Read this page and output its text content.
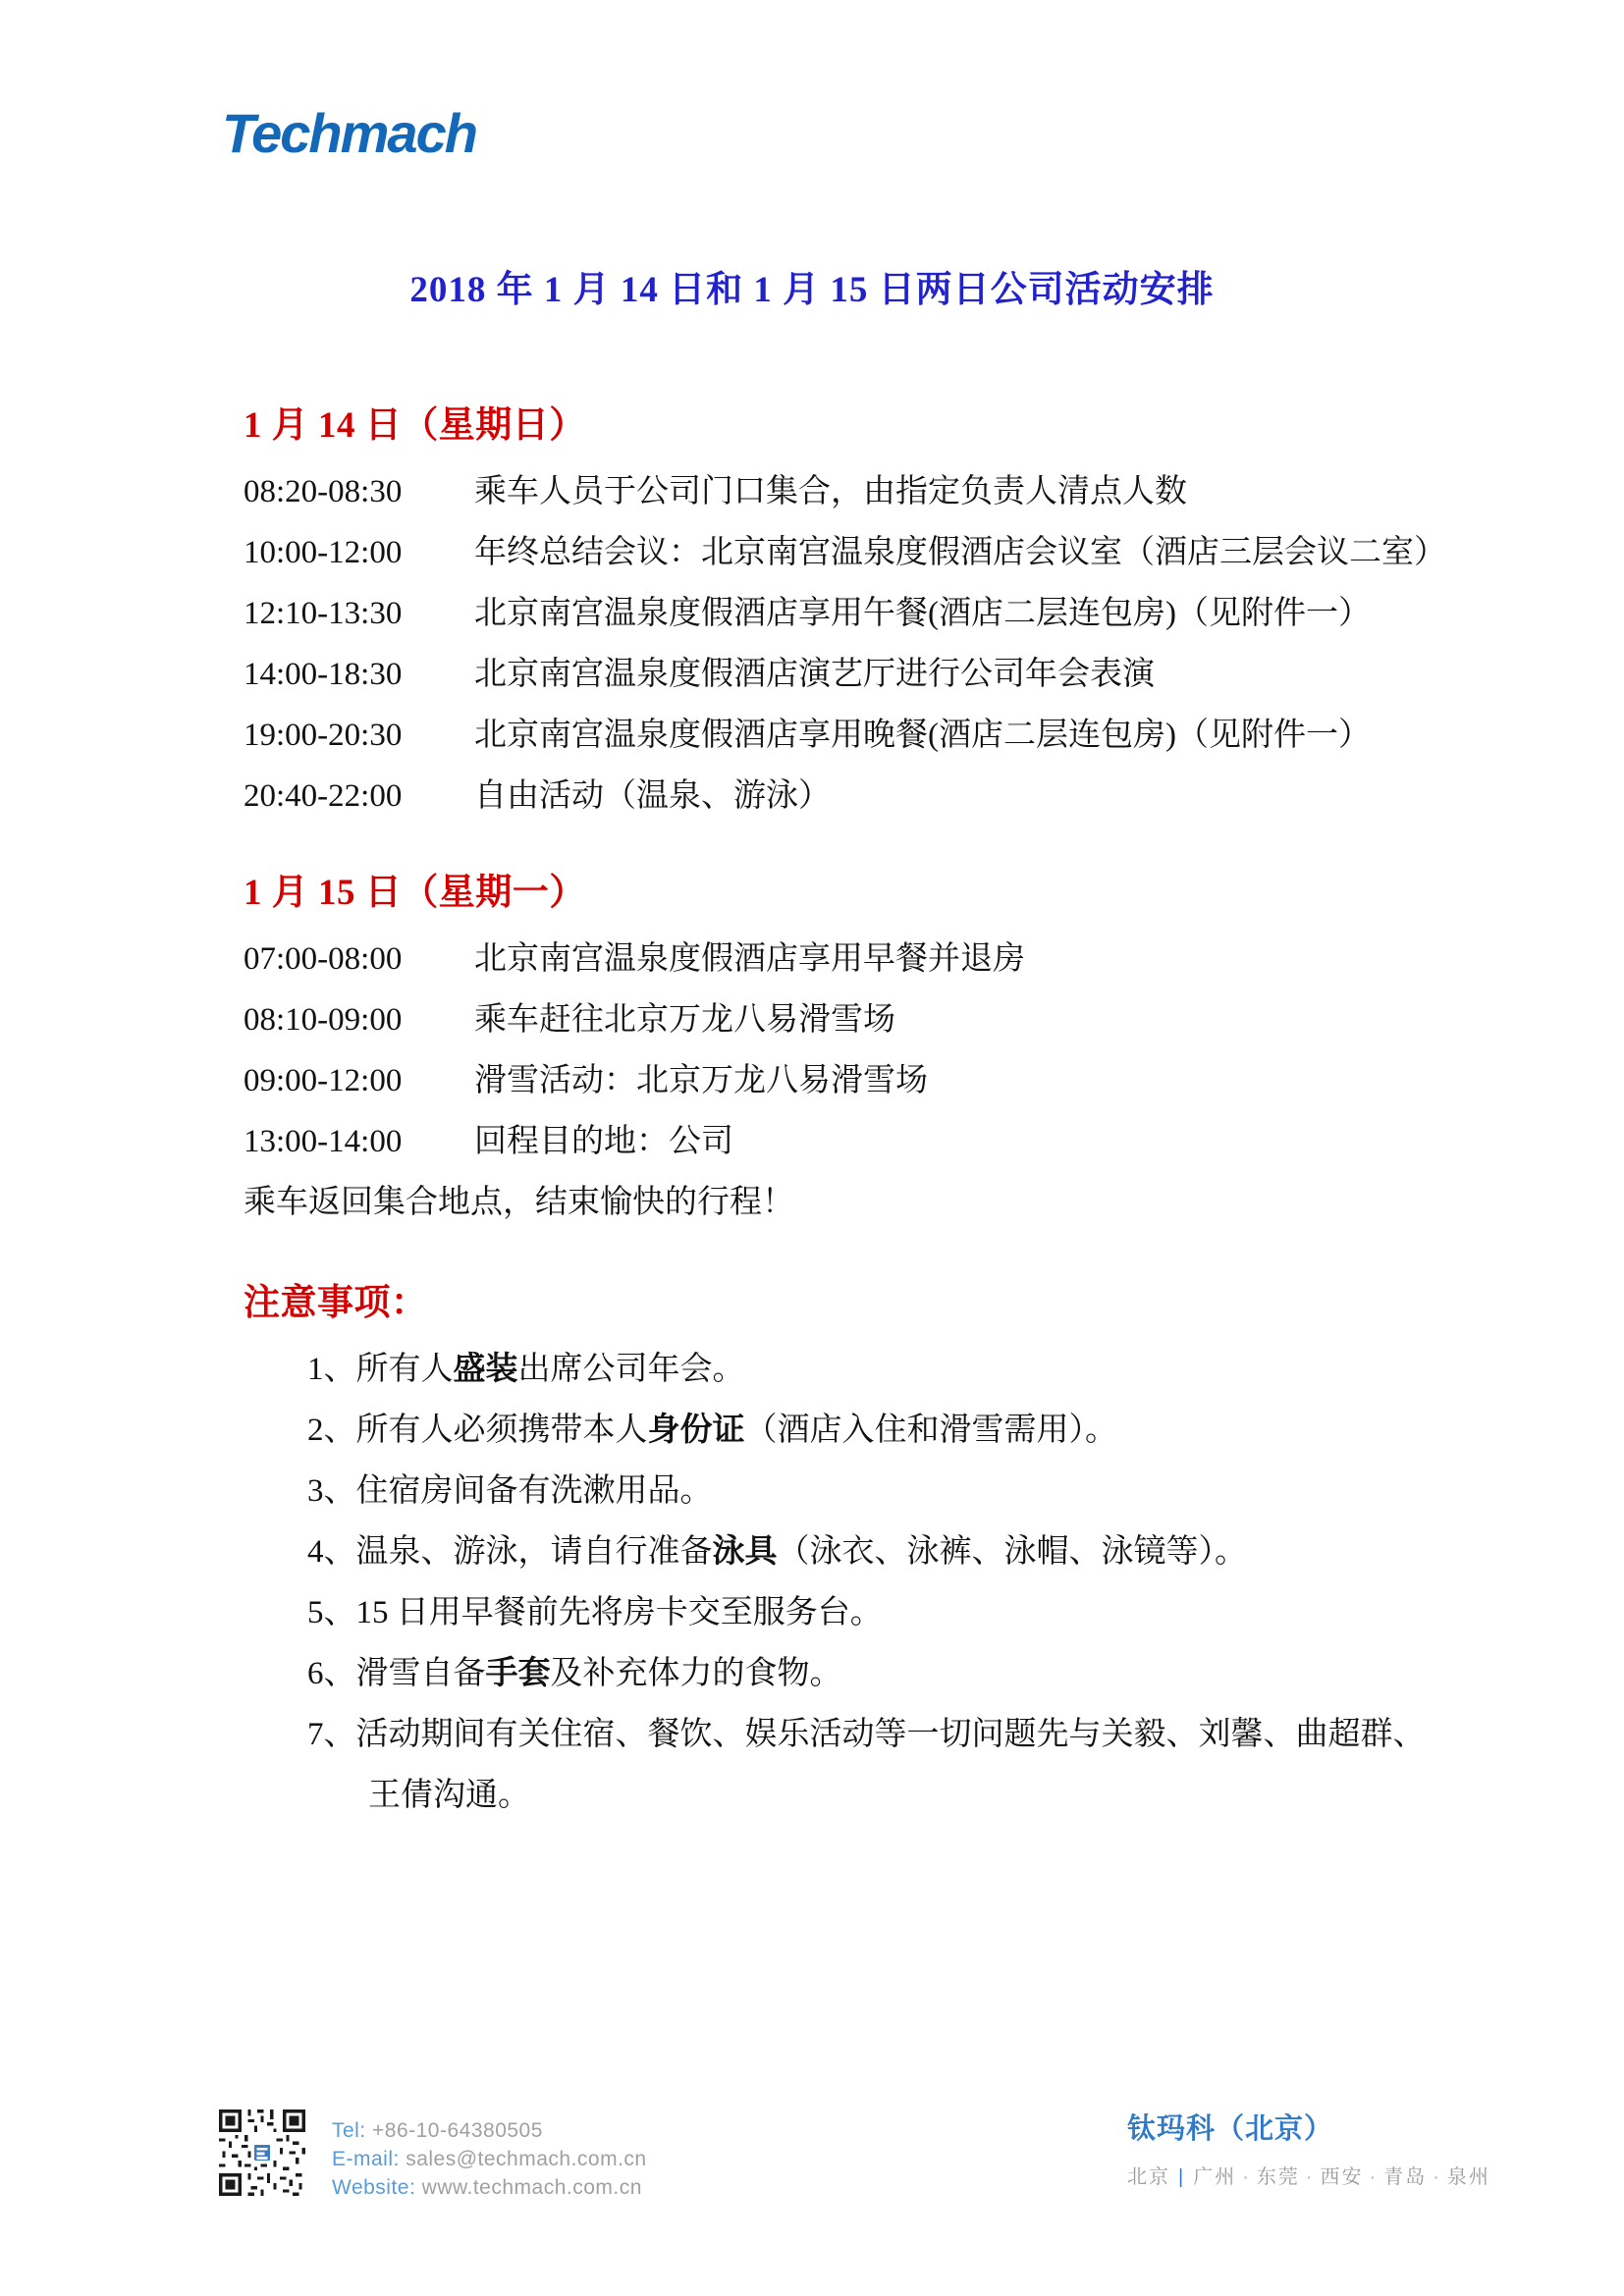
Techmach
2018 年 1 月 14 日和 1 月 15 日两日公司活动安排
1 月 14 日（星期日）
08:20-08:30 乘车人员于公司门口集合，由指定负责人清点人数
10:00-12:00 年终总结会议：北京南宫温泉度假酒店会议室（酒店三层会议二室）
12:10-13:30 北京南宫温泉度假酒店享用午餐(酒店二层连包房)（见附件一）
14:00-18:30 北京南宫温泉度假酒店演艺厅进行公司年会表演
19:00-20:30 北京南宫温泉度假酒店享用晚餐(酒店二层连包房)（见附件一）
20:40-22:00 自由活动（温泉、游泳）
1 月 15 日（星期一）
07:00-08:00 北京南宫温泉度假酒店享用早餐并退房
08:10-09:00 乘车赶往北京万龙八易滑雪场
09:00-12:00 滑雪活动：北京万龙八易滑雪场
13:00-14:00 回程目的地：公司
乘车返回集合地点，结束愉快的行程！
注意事项：
1、所有人盛装出席公司年会。
2、所有人必须携带本人身份证（酒店入住和滑雪需用）。
3、住宿房间备有洗漱用品。
4、温泉、游泳，请自行准备泳具（泳衣、泳裤、泳帽、泳镜等）。
5、15 日用早餐前先将房卡交至服务台。
6、滑雪自备手套及补充体力的食物。
7、活动期间有关住宿、餐饮、娱乐活动等一切问题先与关毅、刘馨、曲超群、王倩沟通。
Tel: +86-10-64380505
E-mail: sales@techmach.com.cn
Website: www.techmach.com.cn
钛玛科（北京）
北京 | 广州 · 东莞 · 西安 · 青岛 · 泉州
